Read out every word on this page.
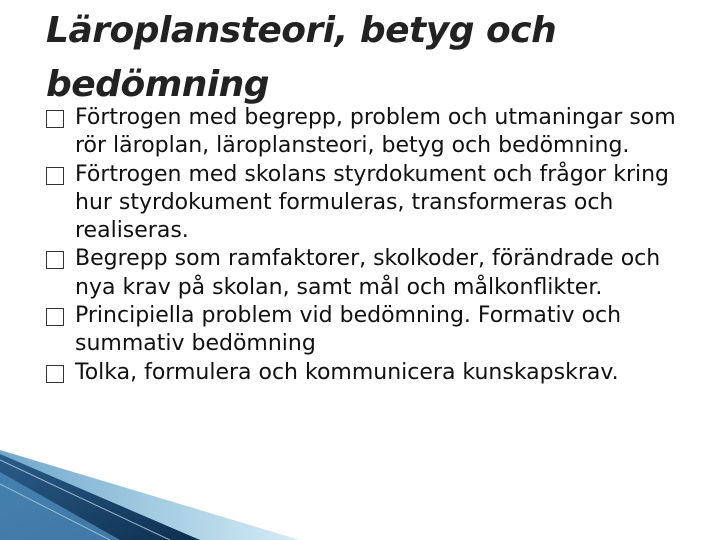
Läroplansteori, betyg och bedömning
Förtrogen med begrepp, problem och utmaningar som rör läroplan, läroplansteori, betyg och bedömning.
Förtrogen med skolans styrdokument och frågor kring hur styrdokument formuleras, transformeras och realiseras.
Begrepp som ramfaktorer, skolkoder, förändrade och nya krav på skolan, samt mål och målkonflikter.
Principiella problem vid bedömning. Formativ och summativ bedömning
Tolka, formulera och kommunicera kunskapskrav.
